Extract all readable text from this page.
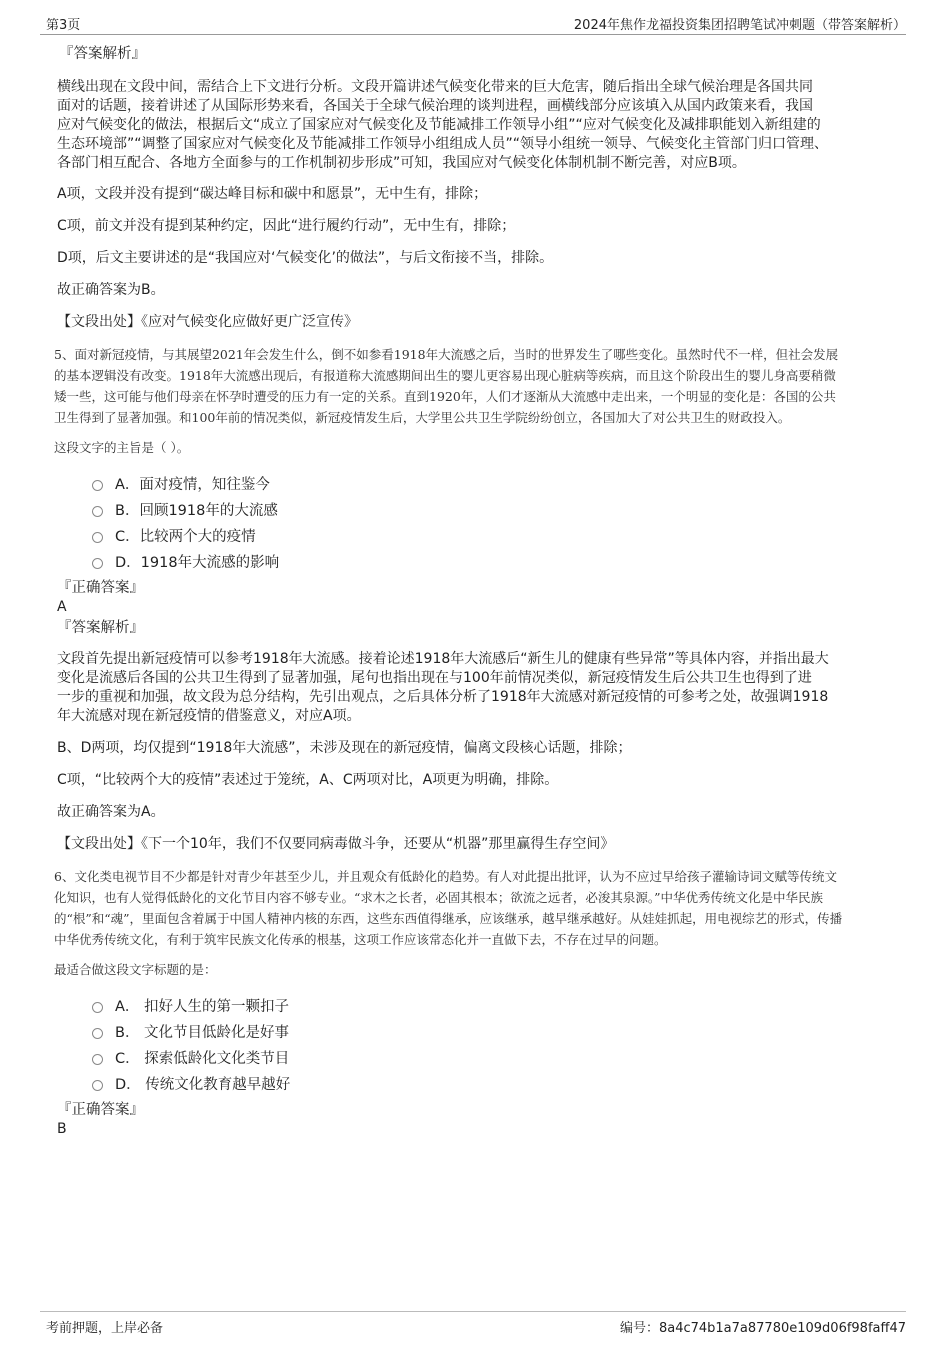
第3页	2024年焦作龙福投资集团招聘笔试冲刺题（带答案解析）
『答案解析』

横线出现在文段中间，需结合上下文进行分析。文段开篇讲述气候变化带来的巨大危害，随后指出全球气候治理是各国共同

面对的话题，接着讲述了从国际形势来看，各国关于全球气候治理的谈判进程，画横线部分应该填入从国内政策来看，我国

应对气候变化的做法，根据后文“成立了国家应对气候变化及节能减排工作领导小组”“应对气候变化及减排职能划入新组建的

生态环境部”“调整了国家应对气候变化及节能减排工作领导小组组成人员”“领导小组统一领导、气候变化主管部门归口管理、

各部门相互配合、各地方全面参与的工作机制初步形成”可知，我国应对气候变化体制机制不断完善，对应B项。

A项，文段并没有提到“碳达峰目标和碳中和愿景”，无中生有，排除；

C项，前文并没有提到某种约定，因此“进行履约行动”，无中生有，排除；

D项，后文主要讲述的是“我国应对‘气候变化’的做法”，与后文衔接不当，排除。

故正确答案为B。

【文段出处】《应对气候变化应做好更广泛宣传》

5、面对新冠疫情，与其展望2021年会发生什么，倒不如参看1918年大流感之后，当时的世界发生了哪些变化。虽然时代不一样，但社会发展

的基本逻辑没有改变。1918年大流感出现后，有报道称大流感期间出生的婴儿更容易出现心脏病等疾病，而且这个阶段出生的婴儿身高要稍微

矮一些，这可能与他们母亲在怀孕时遭受的压力有一定的关系。直到1920年，人们才逐渐从大流感中走出来，一个明显的变化是：各国的公共

卫生得到了显著加强。和100年前的情况类似，新冠疫情发生后，大学里公共卫生学院纷纷创立，各国加大了对公共卫生的财政投入。

这段文字的主旨是（ ）。
A．面对疫情，知往鉴今
B．回顾1918年的大流感
C．比较两个大的疫情
D．1918年大流感的影响
『正确答案』
A
『答案解析』

文段首先提出新冠疫情可以参考1918年大流感。接着论述1918年大流感后“新生儿的健康有些异常”等具体内容，并指出最大

变化是流感后各国的公共卫生得到了显著加强，尾句也指出现在与100年前情况类似，新冠疫情发生后公共卫生也得到了进

一步的重视和加强，故文段为总分结构，先引出观点，之后具体分析了1918年大流感对新冠疫情的可参考之处，故强调1918

年大流感对现在新冠疫情的借鉴意义，对应A项。

B、D两项，均仅提到“1918年大流感”，未涉及现在的新冠疫情，偏离文段核心话题，排除；

C项，“比较两个大的疫情”表述过于笼统，A、C两项对比，A项更为明确，排除。

故正确答案为A。

【文段出处】《下一个10年，我们不仅要同病毒做斗争，还要从“机器”那里赢得生存空间》

6、文化类电视节目不少都是针对青少年甚至少儿，并且观众有低龄化的趋势。有人对此提出批评，认为不应过早给孩子灌输诗词文赋等传统文

化知识，也有人觉得低龄化的文化节目内容不够专业。“求木之长者，必固其根本；欲流之远者，必浚其泉源。”中华优秀传统文化是中华民族

的“根”和“魂”，里面包含着属于中国人精神内核的东西，这些东西值得继承，应该继承，越早继承越好。从娃娃抓起，用电视综艺的形式，传播

中华优秀传统文化，有利于筑牢民族文化传承的根基，这项工作应该常态化并一直做下去，不存在过早的问题。

最适合做这段文字标题的是：
A． 扣好人生的第一颗扣子
B． 文化节目低龄化是好事
C． 探索低龄化文化类节目
D． 传统文化教育越早越好
『正确答案』
B
考前押题，上岸必备	编号：8a4c74b1a7a87780e109d06f98faff47
